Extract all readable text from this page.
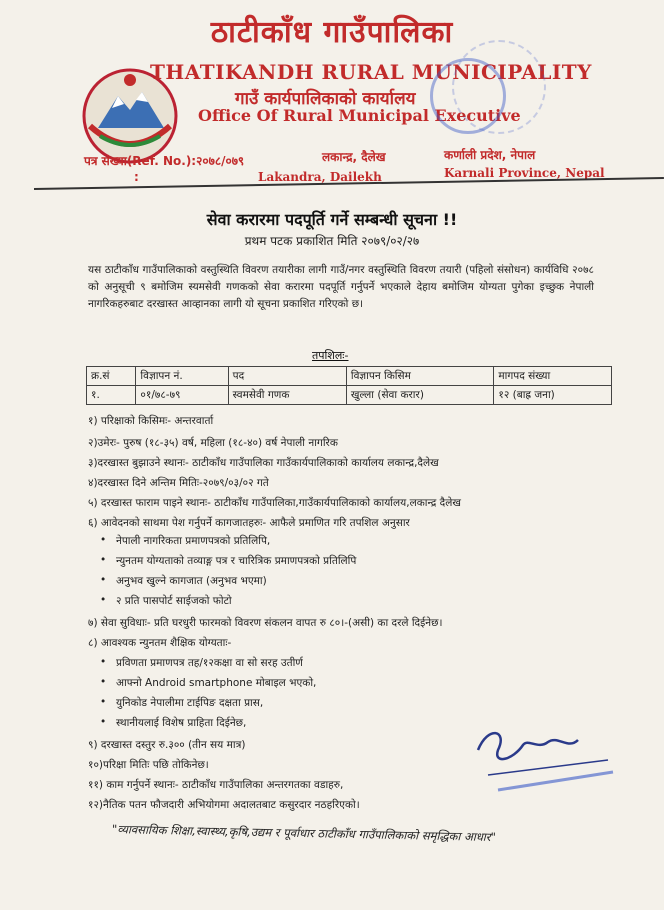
ठाटीकाँध गाउँपालिका
THATIKANDH RURAL MUNICIPALITY
गाउँ कार्यपालिकाको कार्यालय
Office Of Rural Municipal Executive
पत्र संख्या(Ref. No.):२०७८/०७९	लकान्द्र, दैलेख	कर्णाली प्रदेश, नेपाल
:	Lakandra, Dailekh	Karnali Province, Nepal
सेवा करारमा पदपूर्ति गर्ने सम्बन्धी सूचना !!
प्रथम पटक प्रकाशित मिति २०७९/०२/२७
यस ठाटीकाँध गाउँपालिकाको वस्तुस्थिति विवरण तयारीका लागी गाउँ/नगर वस्तुस्थिति विवरण तयारी (पहिलो संसोधन) कार्यविधि २०७८ को अनुसूची ९ बमोजिम स्यमसेवी गणकको सेवा करारमा पदपूर्ति गर्नुपर्ने भएकाले देहाय बमोजिम योग्यता पुगेका इच्छुक नेपाली नागरिकहरुबाट दरखास्त आव्हानका लागी यो सूचना प्रकाशित गरिएको छ।
तपशिलः-
क्र.सं	विज्ञापन नं.	पद	विज्ञापन किसिम	मागपद संख्या
१.	०१/७८-७९	स्वमसेवी गणक	खुल्ला (सेवा करार)	१२ (बाह्र जना)
१) परिक्षाको किसिमः- अन्तरवार्ता
२)उमेरः- पुरुष (१८-३५) वर्ष, महिला (१८-४०) वर्ष नेपाली नागरिक
३)दरखास्त बुझाउने स्थानः- ठाटीकाँध गाउँपालिका गाउँकार्यपालिकाको कार्यालय लकान्द्र,दैलेख
४)दरखास्त दिने अन्तिम मितिः-२०७९/०३/०२ गते
५) दरखास्त फाराम पाइने स्थानः- ठाटीकाँध गाउँपालिका,गाउँकार्यपालिकाको कार्यालय,लकान्द्र दैलेख
६) आवेदनको साथमा पेश गर्नुपर्ने कागजातहरुः- आफैले प्रमाणित गरि तपशिल अनुसार
• नेपाली नागरिकता प्रमाणपत्रको प्रतिलिपि,
• न्युनतम योग्यताको तव्याङ्ग पत्र र चारित्रिक प्रमाणपत्रको प्रतिलिपि
• अनुभव खुल्ने कागजात (अनुभव भएमा)
• २ प्रति पासपोर्ट साईजको फोटो
७) सेवा सुविधाः- प्रति घरधुरी फारमको विवरण संकलन वापत रु ८०।-(असी) का दरले दिईनेछ।
८) आवश्यक न्युनतम शैक्षिक योग्यताः-
• प्रविणता प्रमाणपत्र तह/१२कक्षा वा सो सरह उतीर्ण
• आफ्नो Android smartphone मोबाइल भएको,
• युनिकोड नेपालीमा टाईपिङ दक्षता प्रास,
• स्थानीयलाई विशेष प्राहिता दिईनेछ,
९) दरखास्त दस्तुर रु.३०० (तीन सय मात्र)
१०)परिक्षा मितिः पछि तोकिनेछ।
११) काम गर्नुपर्ने स्थानः- ठाटीकाँध गाउँपालिका अन्तरगतका वडाहरु,
१२)नैतिक पतन फौजदारी अभियोगमा अदालतबाट कसुरदार नठहरिएको।
"व्यावसायिक शिक्षा,स्वास्थ्य,कृषि,उद्यम र पूर्वाधार ठाटीकाँध गाउँपालिकाको समृद्धिका आधार"
